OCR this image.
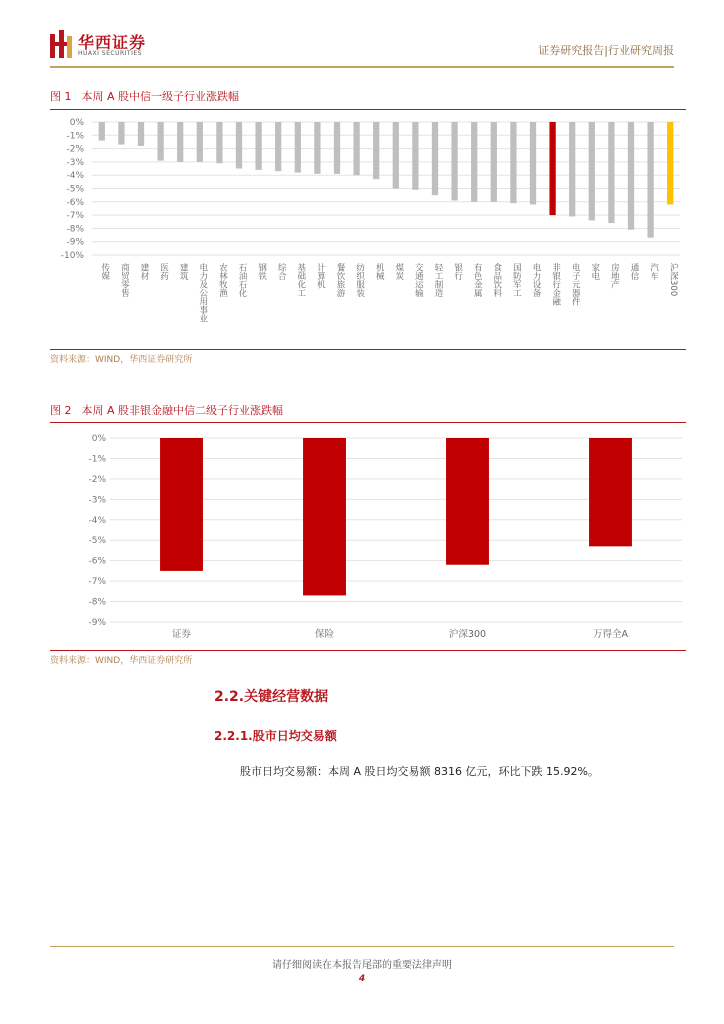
华西证券
HUAXI SECURITIES	证券研究报告|行业研究周报
图 1 本周 A 股中信一级子行业涨跌幅
0%
-1%
-2%
-3%
-4%
-5%
-6%
-7%
-8%
-9%
-10%
传媒 商贸零售 建材 医药 建筑 电力及公用事业 农林牧渔 石油石化 钢铁 综合 基础化工 计算机 餐饮旅游 纺织服装 机械 煤炭 交通运输 轻工制造 银行 有色金属 食品饮料 国防军工 电力设备 非银行金融 电子元器件 家电 房地产 通信 汽车 沪深300
资料来源：WIND，华西证券研究所
图 2 本周 A 股非银金融中信二级子行业涨跌幅
0%
-1%
-2%
-3%
-4%
-5%
-6%
-7%
-8%
-9%
证券	保险	沪深300	万得全A
资料来源：WIND，华西证券研究所
2.2.关键经营数据
2.2.1.股市日均交易额
股市日均交易额：本周 A 股日均交易额 8316 亿元，环比下跌 15.92%。
请仔细阅读在本报告尾部的重要法律声明
4
